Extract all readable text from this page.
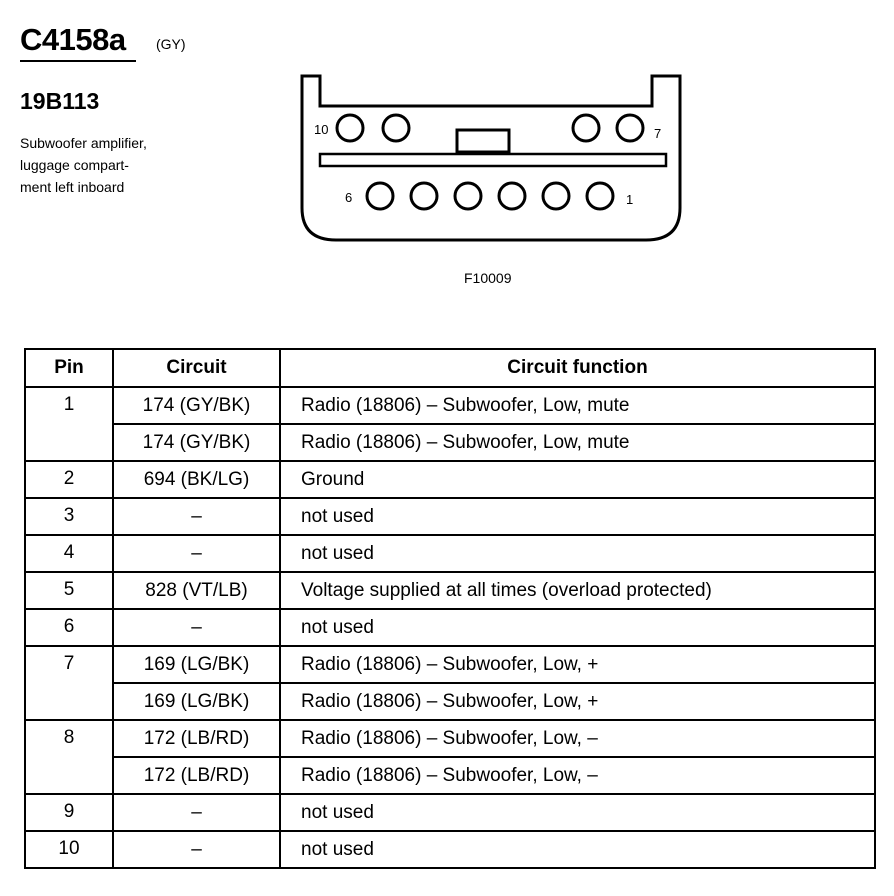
C4158a (GY)
19B113
Subwoofer amplifier,
luggage compart-
ment left inboard
10	7
6	1
F10009
Pin	Circuit	Circuit function
1	174 (GY/BK)	Radio (18806) – Subwoofer, Low, mute
	174 (GY/BK)	Radio (18806) – Subwoofer, Low, mute
2	694 (BK/LG)	Ground
3	–	not used
4	–	not used
5	828 (VT/LB)	Voltage supplied at all times (overload protected)
6	–	not used
7	169 (LG/BK)	Radio (18806) – Subwoofer, Low, +
	169 (LG/BK)	Radio (18806) – Subwoofer, Low, +
8	172 (LB/RD)	Radio (18806) – Subwoofer, Low, –
	172 (LB/RD)	Radio (18806) – Subwoofer, Low, –
9	–	not used
10	–	not used
